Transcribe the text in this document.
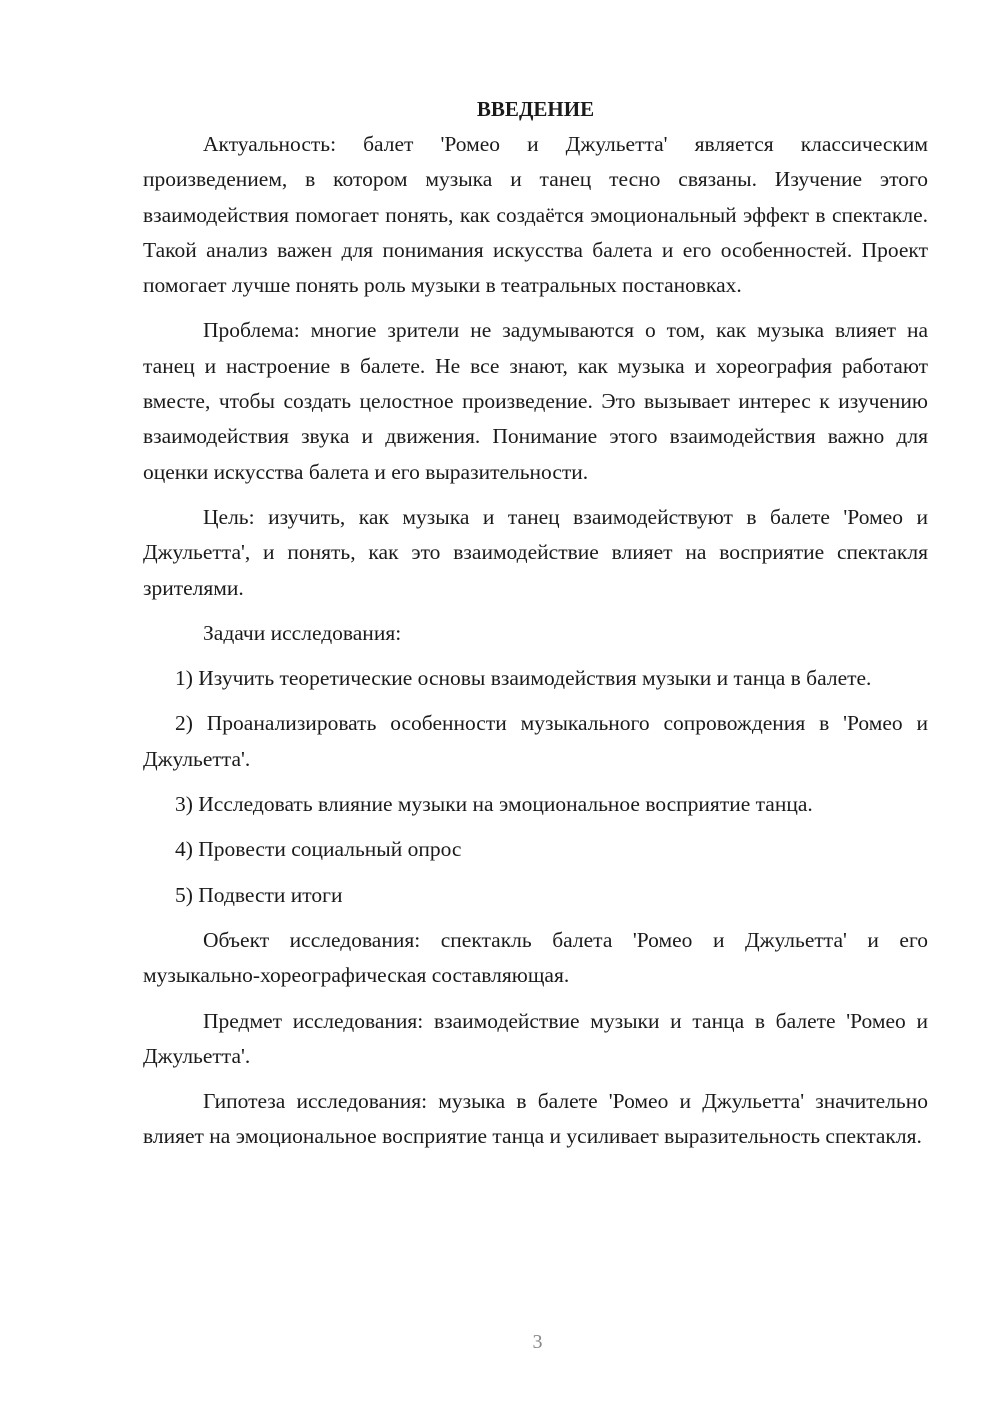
ВВЕДЕНИЕ

Актуальность: балет 'Ромео и Джульетта' является классическим произведением, в котором музыка и танец тесно связаны. Изучение этого взаимодействия помогает понять, как создаётся эмоциональный эффект в спектакле. Такой анализ важен для понимания искусства балета и его особенностей. Проект помогает лучше понять роль музыки в театральных постановках.

Проблема: многие зрители не задумываются о том, как музыка влияет на танец и настроение в балете. Не все знают, как музыка и хореография работают вместе, чтобы создать целостное произведение. Это вызывает интерес к изучению взаимодействия звука и движения. Понимание этого взаимодействия важно для оценки искусства балета и его выразительности.

Цель: изучить, как музыка и танец взаимодействуют в балете 'Ромео и Джульетта', и понять, как это взаимодействие влияет на восприятие спектакля зрителями.

Задачи исследования:

1) Изучить теоретические основы взаимодействия музыки и танца в балете.

2) Проанализировать особенности музыкального сопровождения в 'Ромео и Джульетта'.

3) Исследовать влияние музыки на эмоциональное восприятие танца.

4) Провести социальный опрос

5) Подвести итоги

Объект исследования: спектакль балета 'Ромео и Джульетта' и его музыкально-хореографическая составляющая.

Предмет исследования: взаимодействие музыки и танца в балете 'Ромео и Джульетта'.

Гипотеза исследования: музыка в балете 'Ромео и Джульетта' значительно влияет на эмоциональное восприятие танца и усиливает выразительность спектакля.

3
